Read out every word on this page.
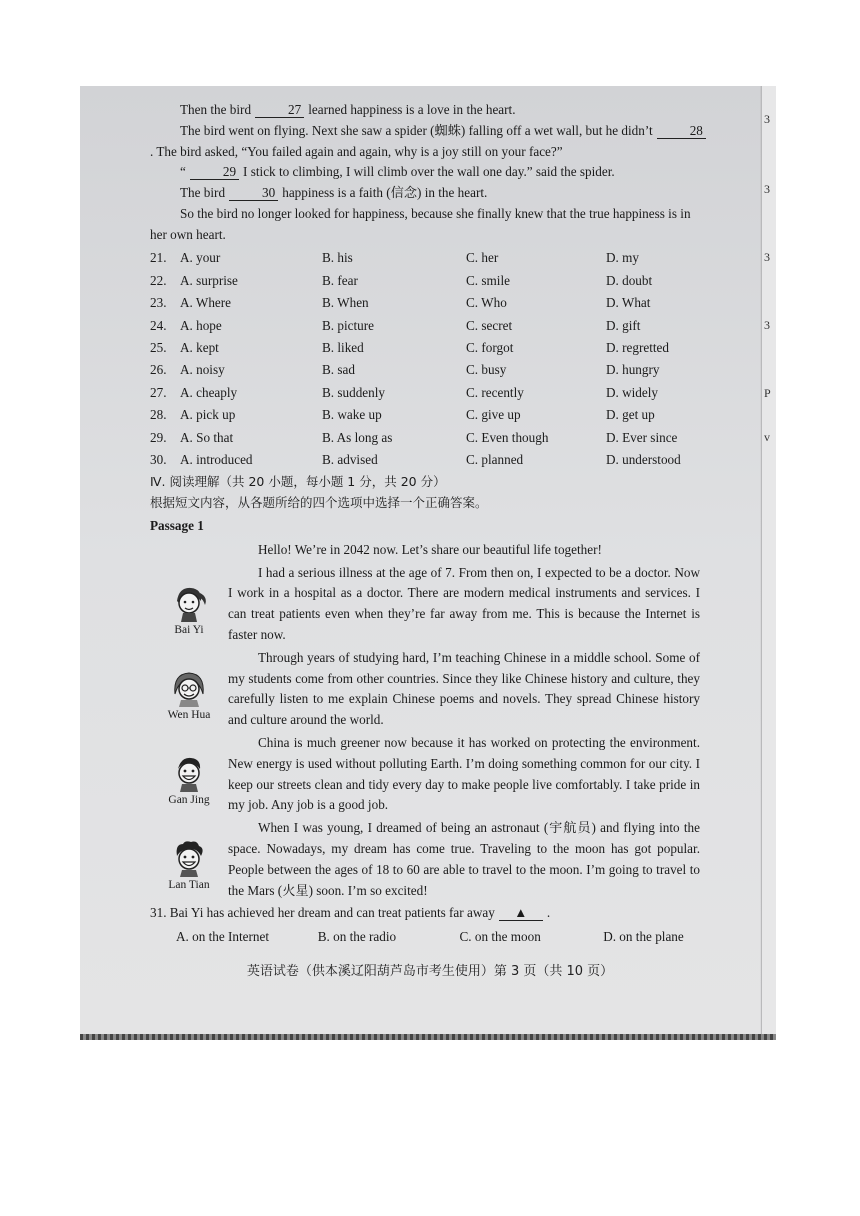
Then the bird	27 learned happiness is a love in the heart.

The bird went on flying. Next she saw a spider (蜘蛛) falling off a wet wall, but he didn’t	28. The bird asked, “You failed again and again, why is a joy still on your face?”

“	29 I stick to climbing, I will climb over the wall one day.” said the spider.

The bird	30 happiness is a faith (信念) in the heart.

So the bird no longer looked for happiness, because she finally knew that the true happiness is in her own heart.

21.	A. your	B. his	C. her	D. my
22.	A. surprise	B. fear	C. smile	D. doubt
23.	A. Where	B. When	C. Who	D. What
24.	A. hope	B. picture	C. secret	D. gift
25.	A. kept	B. liked	C. forgot	D. regretted
26.	A. noisy	B. sad	C. busy	D. hungry
27.	A. cheaply	B. suddenly	C. recently	D. widely
28.	A. pick up	B. wake up	C. give up	D. get up
29.	A. So that	B. As long as	C. Even though	D. Ever since
30.	A. introduced	B. advised	C. planned	D. understood
Ⅳ. 阅读理解（共 20 小题，每小题 1 分，共 20 分）
根据短文内容，从各题所给的四个选项中选择一个正确答案。
Passage 1
Hello! We’re in 2042 now. Let’s share our beautiful life together!
Bai Yi
I had a serious illness at the age of 7. From then on, I expected to be a doctor. Now I work in a hospital as a doctor. There are modern medical instruments and services. I can treat patients even when they’re far away from me. This is because the Internet is faster now.
Wen Hua
Through years of studying hard, I’m teaching Chinese in a middle school. Some of my students come from other countries. Since they like Chinese history and culture, they carefully listen to me explain Chinese poems and novels. They spread Chinese history and culture around the world.
Gan Jing
China is much greener now because it has worked on protecting the environment. New energy is used without polluting Earth. I’m doing something common for our city. I keep our streets clean and tidy every day to make people live comfortably. I take pride in my job. Any job is a good job.
Lan Tian
When I was young, I dreamed of being an astronaut (宇航员) and flying into the space. Nowadays, my dream has come true. Traveling to the moon has got popular. People between the ages of 18 to 60 are able to travel to the moon. I’m going to travel to the Mars (火星) soon. I’m so excited!
31. Bai Yi has achieved her dream and can treat patients far away ▲ .
A. on the Internet	B. on the radio	C. on the moon	D. on the plane
英语试卷（供本溪辽阳葫芦岛市考生使用）第 3 页（共 10 页）
3
3
3
3
P
v
